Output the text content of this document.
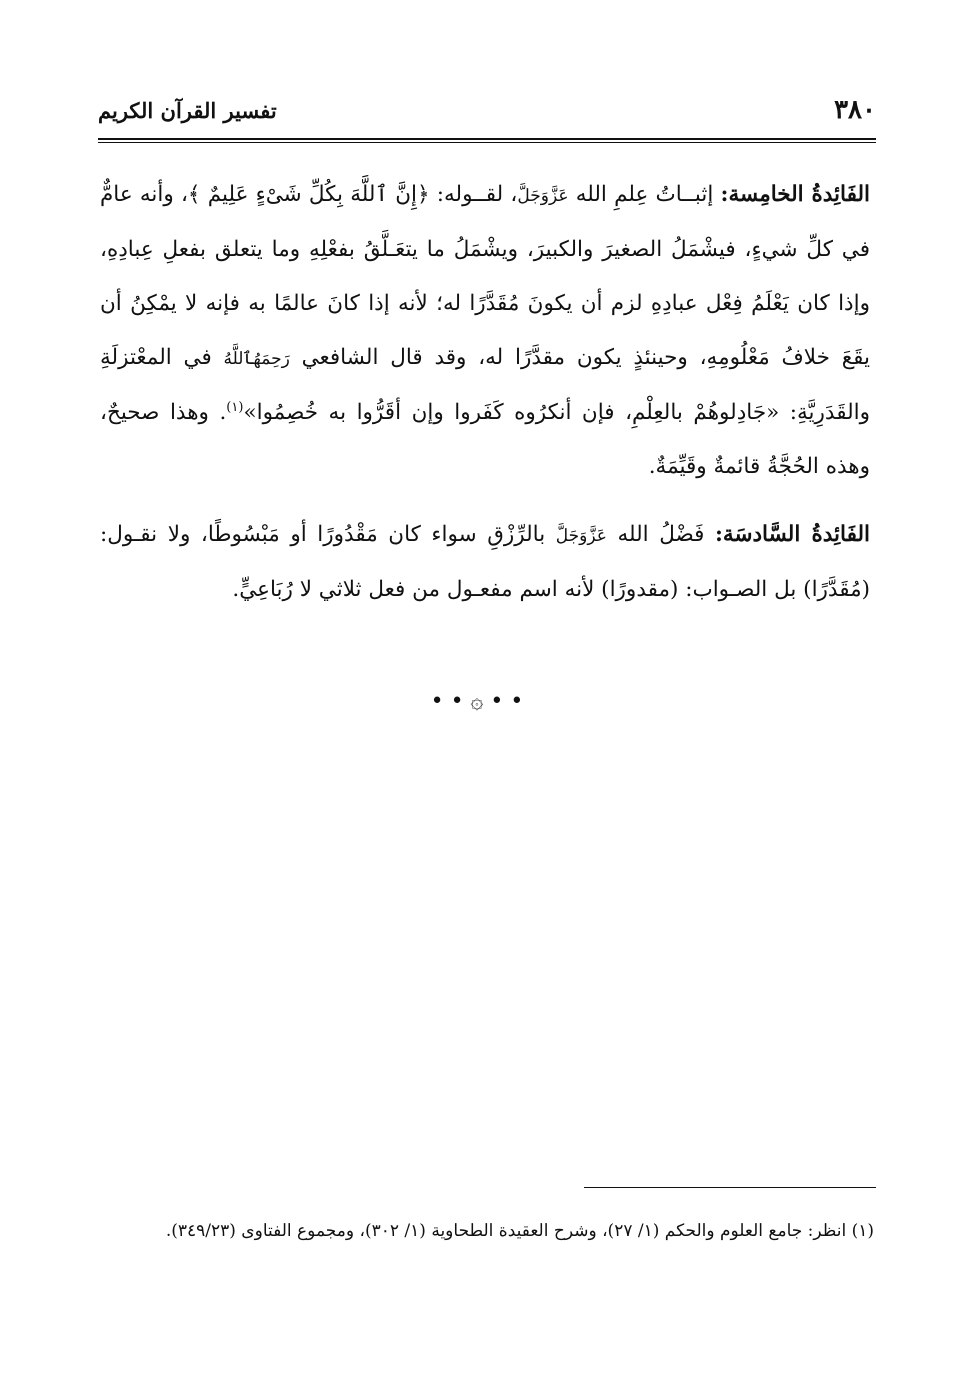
٣٨٠
تفسير القرآن الكريم

الفَائِدةُ الخامِسة: إثبــاتُ عِلمِ الله عَزَّوَجَلَّ، لقــوله: ﴿إِنَّ ٱللَّهَ بِكُلِّ شَىْءٍ عَلِيمٌ ﴾، وأنه عامٌّ في كلِّ شيءٍ، فيشْمَلُ الصغيرَ والكبيرَ، ويشْمَلُ ما يتعَـلَّقُ بفعْلِهِ وما يتعلق بفعلِ عِبادِهِ، وإذا كان يَعْلَمُ فِعْل عبادِهِ لزم أن يكونَ مُقَدَّرًا له؛ لأنه إذا كانَ عالمًا به فإنه لا يمْكِنُ أن يقَعَ خلافُ مَعْلُومِهِ، وحينئذٍ يكون مقدَّرًا له، وقد قال الشافعي رَحِمَهُٱللَّهُ في المعْتزلَةِ والقَدَرِيَّةِ: «جَادِلوهُمْ بالعِلْمِ، فإن أنكرُوه كَفَروا وإن أقَرُّوا به خُصِمُوا»$^{(١)}$. وهذا صحيحٌ، وهذه الحُجَّةُ قائمةٌ وقَيِّمَةٌ.

الفَائِدةُ السَّادسَة: فَضْلُ الله عَزَّوَجَلَّ بالرِّزْقِ سواء كان مَقْدُورًا أو مَبْسُوطًا، ولا نقـول: (مُقَدَّرًا) بل الصـواب: (مقدورًا) لأنه اسم مفعـول من فعل ثلاثي لا رُبَاعِيٍّ.

• • ۞ • •

(١) انظر: جامع العلوم والحكم (١/ ٢٧)، وشرح العقيدة الطحاوية (١/ ٣٠٢)، ومجموع الفتاوى (٣٤٩/٢٣).
